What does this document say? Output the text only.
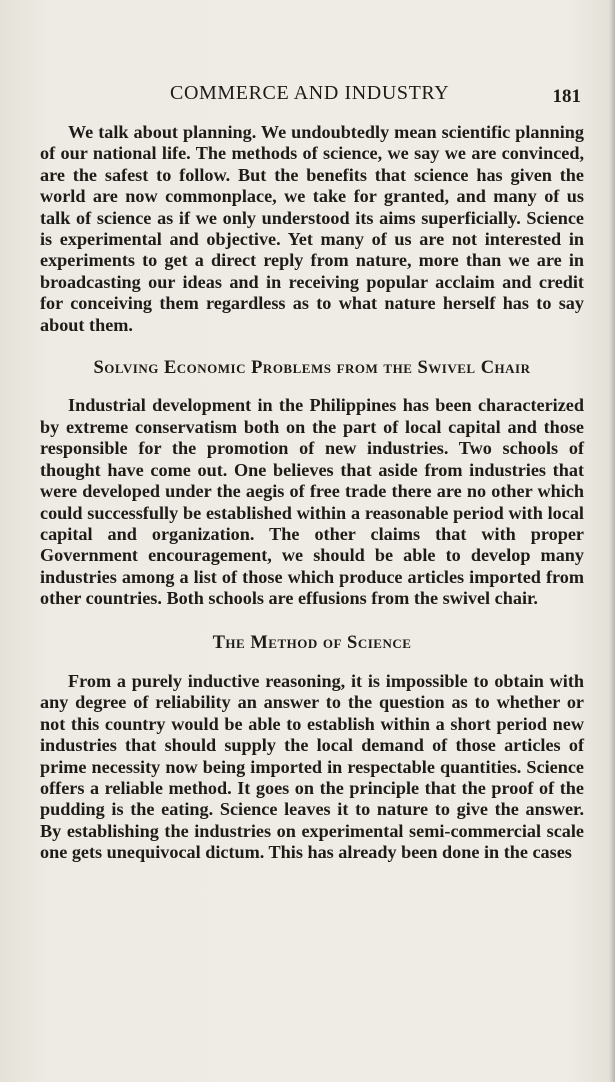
COMMERCE AND INDUSTRY	181

We talk about planning. We undoubtedly mean scientific planning of our national life. The methods of science, we say we are convinced, are the safest to follow. But the benefits that science has given the world are now commonplace, we take for granted, and many of us talk of science as if we only understood its aims superficially. Science is experimental and objective. Yet many of us are not interested in experiments to get a direct reply from nature, more than we are in broadcasting our ideas and in receiving popular acclaim and credit for conceiving them regardless as to what nature herself has to say about them.

Solving Economic Problems from the Swivel Chair

Industrial development in the Philippines has been characterized by extreme conservatism both on the part of local capital and those responsible for the promotion of new industries. Two schools of thought have come out. One believes that aside from industries that were developed under the aegis of free trade there are no other which could successfully be established within a reasonable period with local capital and organization. The other claims that with proper Government encouragement, we should be able to develop many industries among a list of those which produce articles imported from other countries. Both schools are effusions from the swivel chair.

The Method of Science

From a purely inductive reasoning, it is impossible to obtain with any degree of reliability an answer to the question as to whether or not this country would be able to establish within a short period new industries that should supply the local demand of those articles of prime necessity now being imported in respectable quantities. Science offers a reliable method. It goes on the principle that the proof of the pudding is the eating. Science leaves it to nature to give the answer. By establishing the industries on experimental semi-commercial scale one gets unequivocal dictum. This has already been done in the cases
